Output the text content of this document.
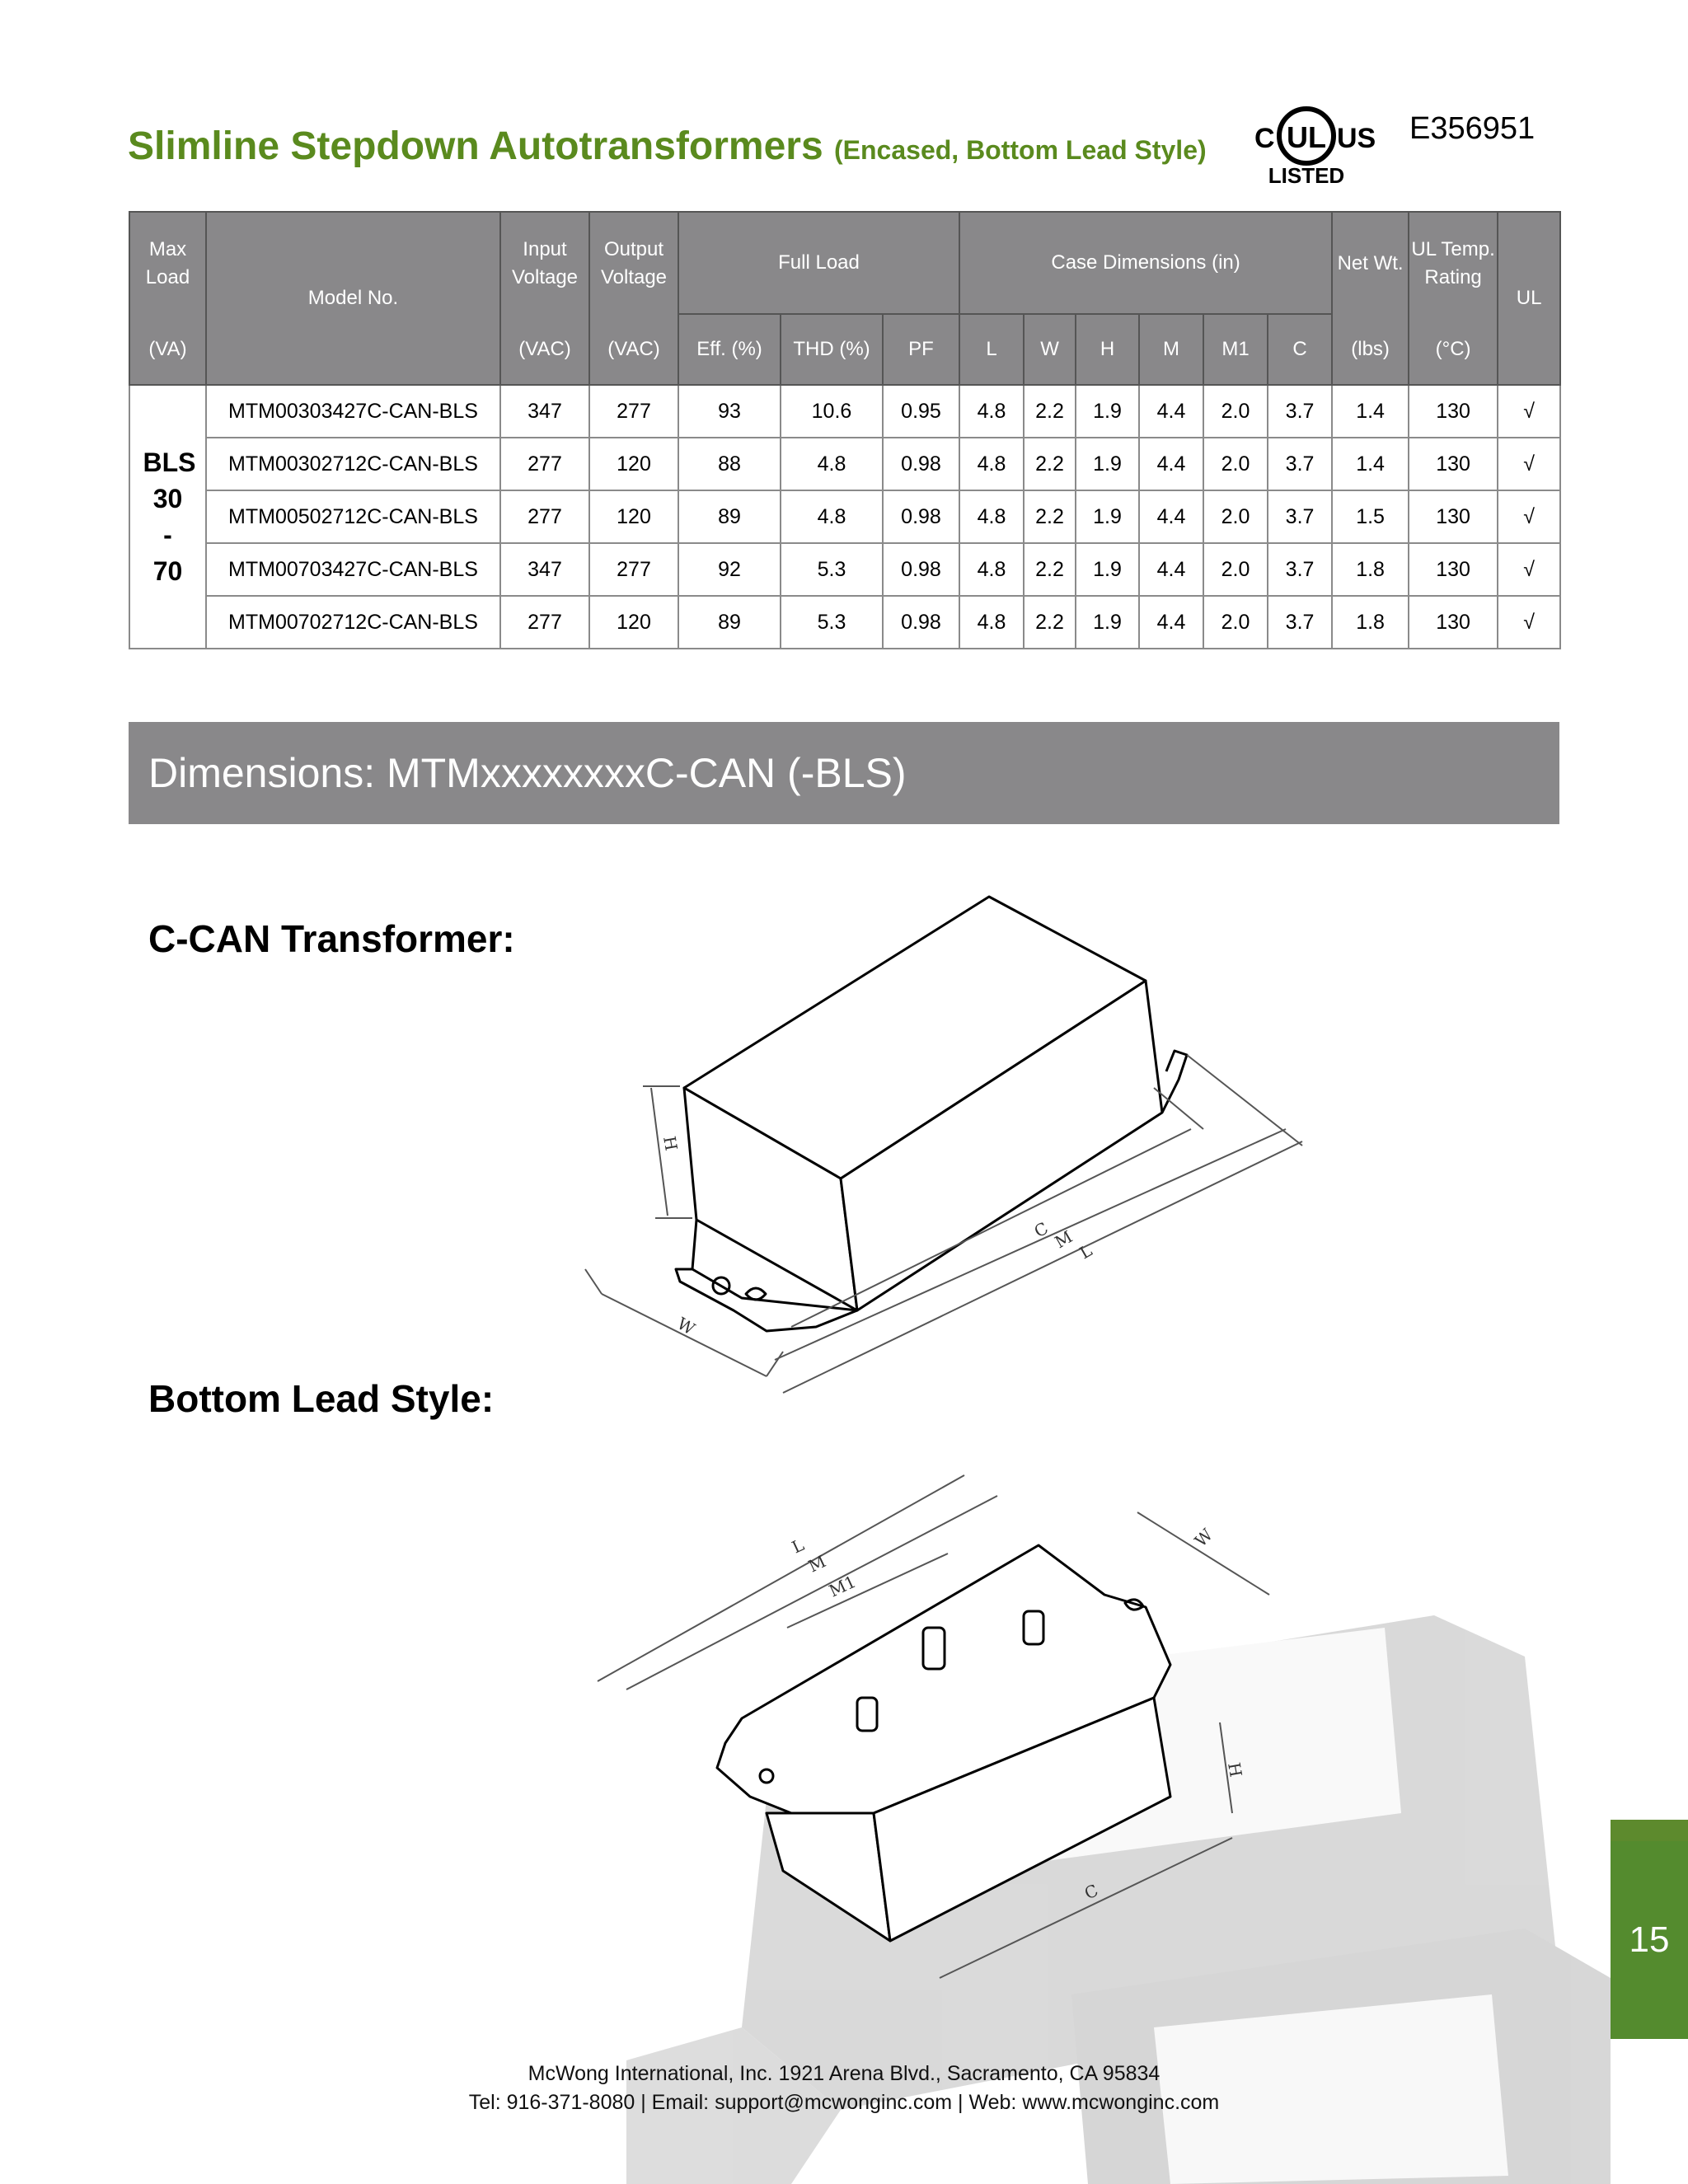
Slimline Stepdown Autotransformers (Encased, Bottom Lead Style) C UL US
LISTED
E356951
Max Load	Model No.	Input Voltage	Output Voltage	Full Load			Case Dimensions (in)						Net Wt.	UL Temp. Rating	UL
(VA)		(VAC)	(VAC)	Eff. (%)	THD (%)	PF	L	W	H	M	M1	C	(lbs)	(°C)	
BLS 30 - 70	MTM00303427C-CAN-BLS	347	277	93	10.6	0.95	4.8	2.2	1.9	4.4	2.0	3.7	1.4	130	√
	MTM00302712C-CAN-BLS	277	120	88	4.8	0.98	4.8	2.2	1.9	4.4	2.0	3.7	1.4	130	√
	MTM00502712C-CAN-BLS	277	120	89	4.8	0.98	4.8	2.2	1.9	4.4	2.0	3.7	1.5	130	√
	MTM00703427C-CAN-BLS	347	277	92	5.3	0.98	4.8	2.2	1.9	4.4	2.0	3.7	1.8	130	√
	MTM00702712C-CAN-BLS	277	120	89	5.3	0.98	4.8	2.2	1.9	4.4	2.0	3.7	1.8	130	√
Dimensions: MTMxxxxxxxxC-CAN (-BLS)
C-CAN Transformer:
Bottom Lead Style:
H
W
C M L
L
M
M1
W
H
C
15
McWong International, Inc. 1921 Arena Blvd., Sacramento, CA 95834
Tel: 916-371-8080 | Email: support@mcwonginc.com | Web: www.mcwonginc.com
